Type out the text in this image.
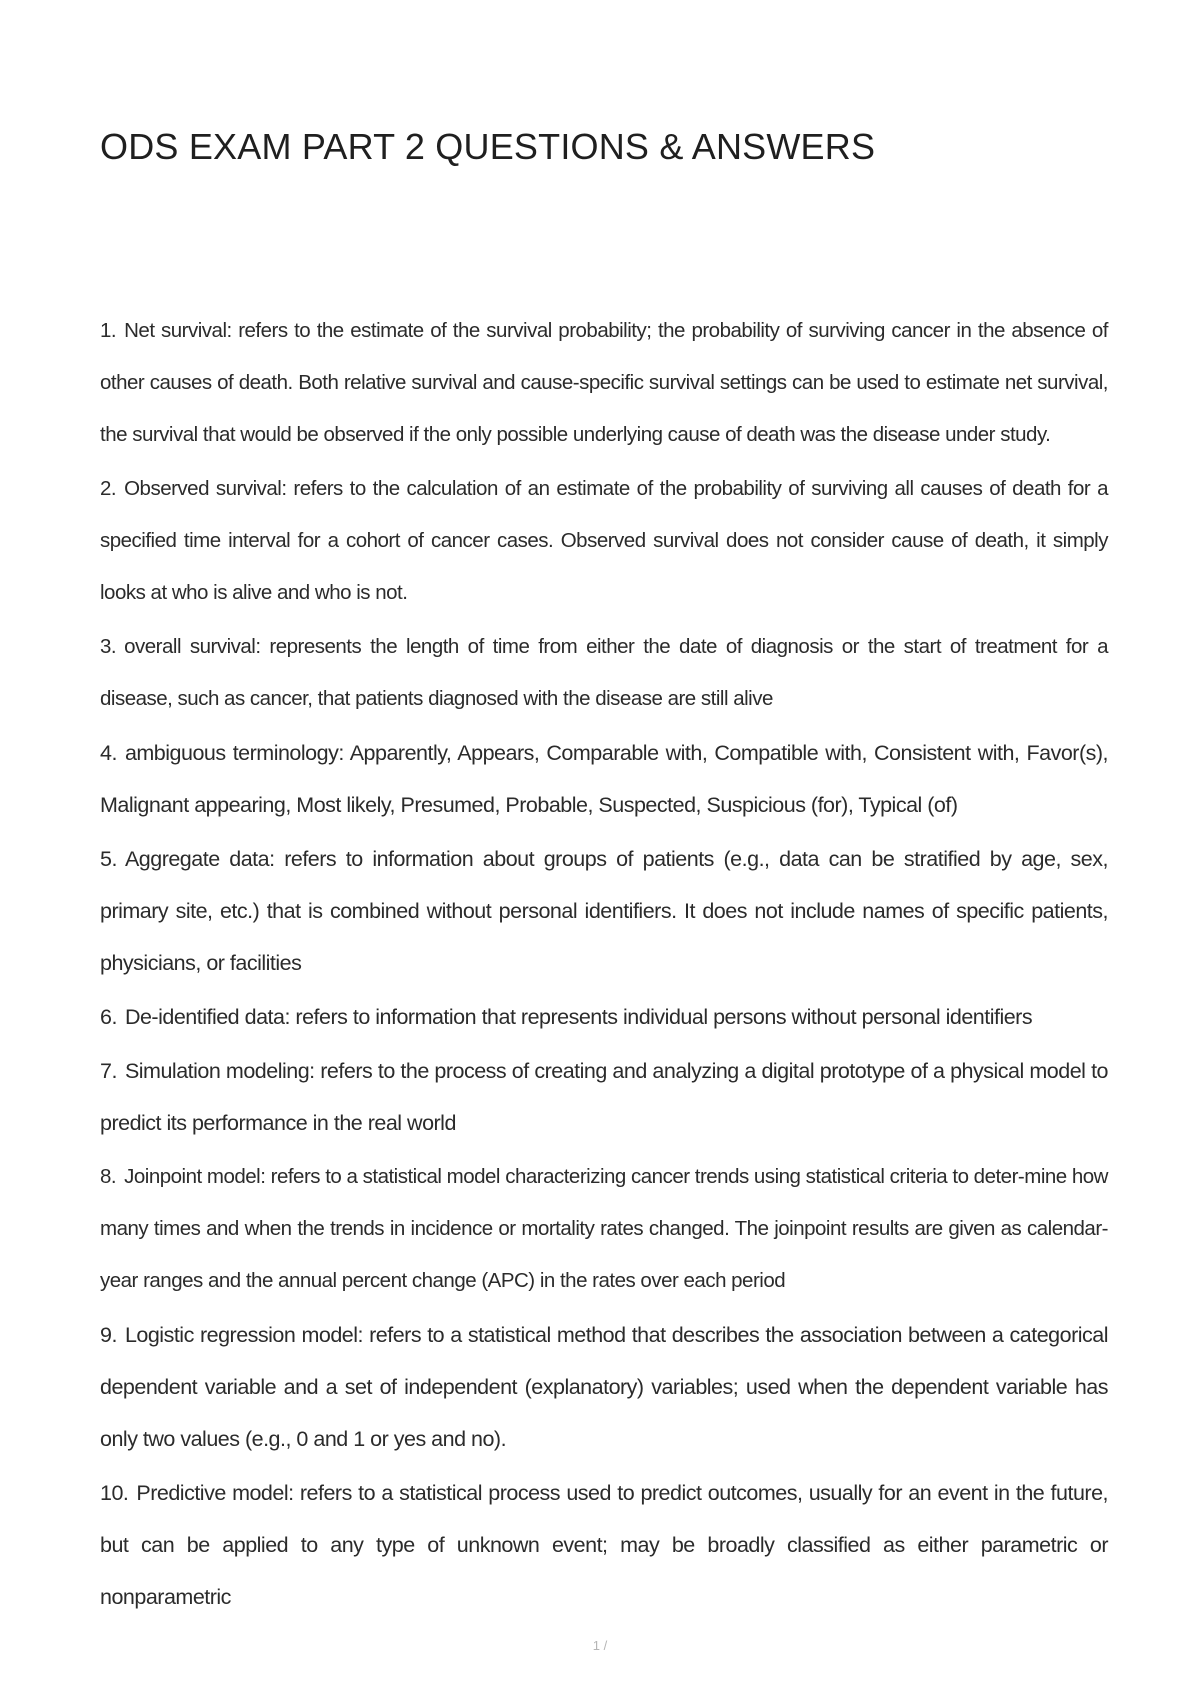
ODS EXAM PART 2 QUESTIONS & ANSWERS

1. Net survival: refers to the estimate of the survival probability; the probability of surviving cancer in the absence of other causes of death. Both relative survival and cause-specific survival settings can be used to estimate net survival, the survival that would be observed if the only possible underlying cause of death was the disease under study.

2. Observed survival: refers to the calculation of an estimate of the probability of surviving all causes of death for a specified time interval for a cohort of cancer cases. Observed survival does not consider cause of death, it simply looks at who is alive and who is not.

3. overall survival: represents the length of time from either the date of diagnosis or the start of treatment for a disease, such as cancer, that patients diagnosed with the disease are still alive

4. ambiguous terminology: Apparently, Appears, Comparable with, Compatible with, Consistent with, Favor(s), Malignant appearing, Most likely, Presumed, Probable, Suspected, Suspicious (for), Typical (of)

5. Aggregate data: refers to information about groups of patients (e.g., data can be stratified by age, sex, primary site, etc.) that is combined without personal identifiers. It does not include names of specific patients, physicians, or facilities

6. De-identified data: refers to information that represents individual persons without personal identifiers

7. Simulation modeling: refers to the process of creating and analyzing a digital prototype of a physical model to predict its performance in the real world

8. Joinpoint model: refers to a statistical model characterizing cancer trends using statistical criteria to deter-mine how many times and when the trends in incidence or mortality rates changed. The joinpoint results are given as calendar-year ranges and the annual percent change (APC) in the rates over each period

9. Logistic regression model: refers to a statistical method that describes the association between a categorical dependent variable and a set of independent (explanatory) variables; used when the dependent variable has only two values (e.g., 0 and 1 or yes and no).

10. Predictive model: refers to a statistical process used to predict outcomes, usually for an event in the future, but can be applied to any type of unknown event; may be broadly classified as either parametric or nonparametric

1 /
